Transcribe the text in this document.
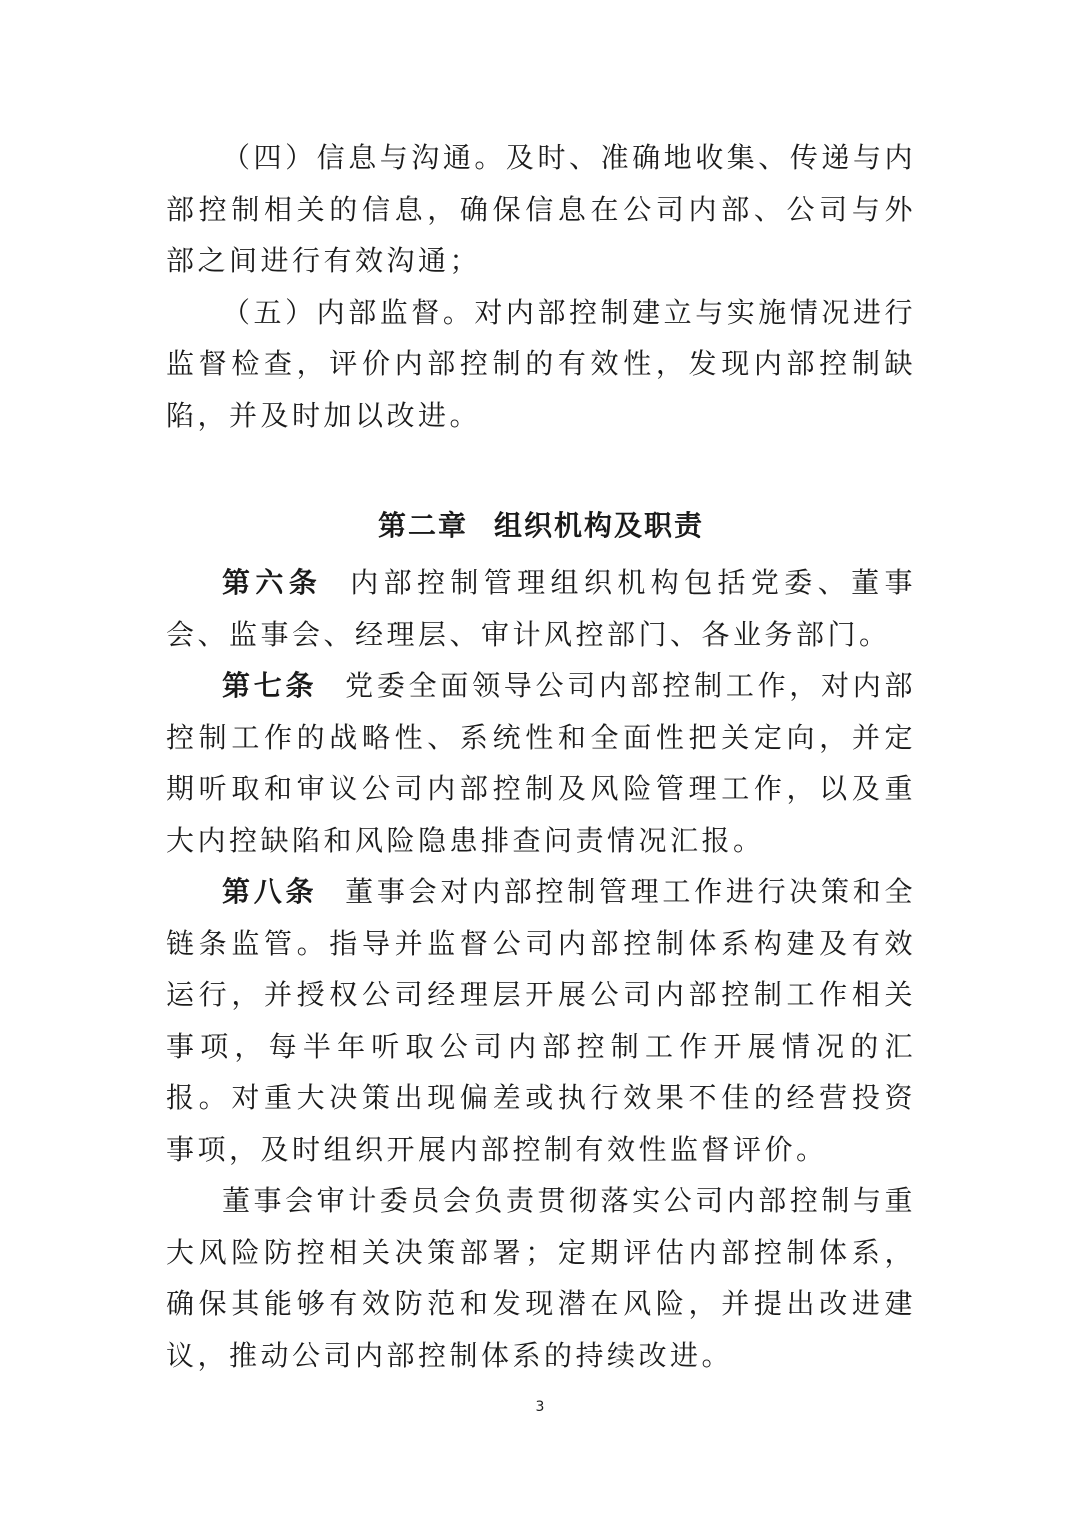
（四）信息与沟通。及时、准确地收集、传递与内部控制相关的信息，确保信息在公司内部、公司与外部之间进行有效沟通；

（五）内部监督。对内部控制建立与实施情况进行监督检查，评价内部控制的有效性，发现内部控制缺陷，并及时加以改进。

第二章 组织机构及职责

第六条 内部控制管理组织机构包括党委、董事会、监事会、经理层、审计风控部门、各业务部门。

第七条 党委全面领导公司内部控制工作，对内部控制工作的战略性、系统性和全面性把关定向，并定期听取和审议公司内部控制及风险管理工作，以及重大内控缺陷和风险隐患排查问责情况汇报。

第八条 董事会对内部控制管理工作进行决策和全链条监管。指导并监督公司内部控制体系构建及有效运行，并授权公司经理层开展公司内部控制工作相关事项，每半年听取公司内部控制工作开展情况的汇报。对重大决策出现偏差或执行效果不佳的经营投资事项，及时组织开展内部控制有效性监督评价。

董事会审计委员会负责贯彻落实公司内部控制与重大风险防控相关决策部署；定期评估内部控制体系，确保其能够有效防范和发现潜在风险，并提出改进建议，推动公司内部控制体系的持续改进。

3
